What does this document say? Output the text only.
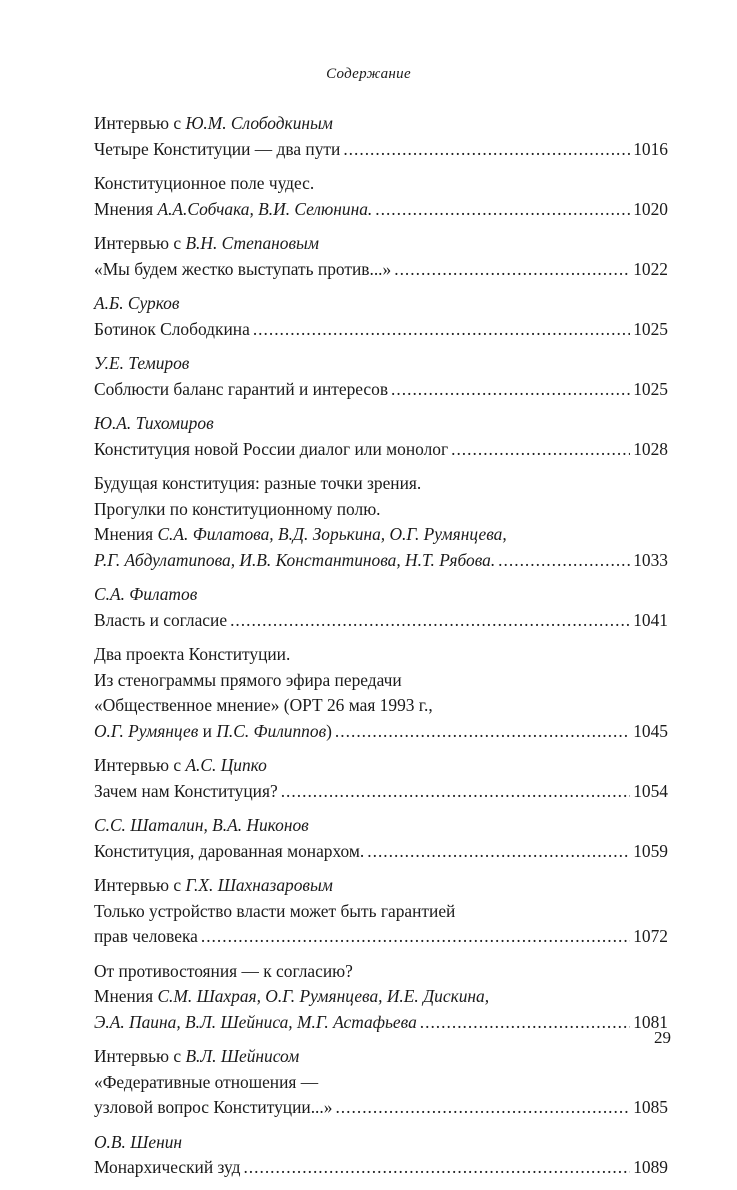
Содержание
Интервью с Ю.М. Слободкиным
Четыре Конституции — два пути .....	1016
Конституционное поле чудес.
Мнения А.А.Собчака, В.И. Селюнина. .....	1020
Интервью с В.Н. Степановым
«Мы будем жестко выступать против...» .....	1022
А.Б. Сурков
Ботинок Слободкина .....	1025
У.Е. Темиров
Соблюсти баланс гарантий и интересов .....	1025
Ю.А. Тихомиров
Конституция новой России диалог или монолог .....	1028
Будущая конституция: разные точки зрения.
Прогулки по конституционному полю.
Мнения С.А. Филатова, В.Д. Зорькина, О.Г. Румянцева,
Р.Г. Абдулатипова, И.В. Константинова, Н.Т. Рябова. .....	1033
С.А. Филатов
Власть и согласие .....	1041
Два проекта Конституции.
Из стенограммы прямого эфира передачи
«Общественное мнение» (ОРТ 26 мая 1993 г.,
О.Г. Румянцев и П.С. Филиппов) .....	1045
Интервью с А.С. Ципко
Зачем нам Конституция? .....	1054
С.С. Шаталин, В.А. Никонов
Конституция, дарованная монархом. .....	1059
Интервью с Г.Х. Шахназаровым
Только устройство власти может быть гарантией
прав человека .....	1072
От противостояния — к согласию?
Мнения С.М. Шахрая, О.Г. Румянцева, И.Е. Дискина,
Э.А. Паина, В.Л. Шейниса, М.Г. Астафьева .....	1081
Интервью с В.Л. Шейнисом
«Федеративные отношения —
узловой вопрос Конституции...» .....	1085
О.В. Шенин
Монархический зуд .....	1089
29
